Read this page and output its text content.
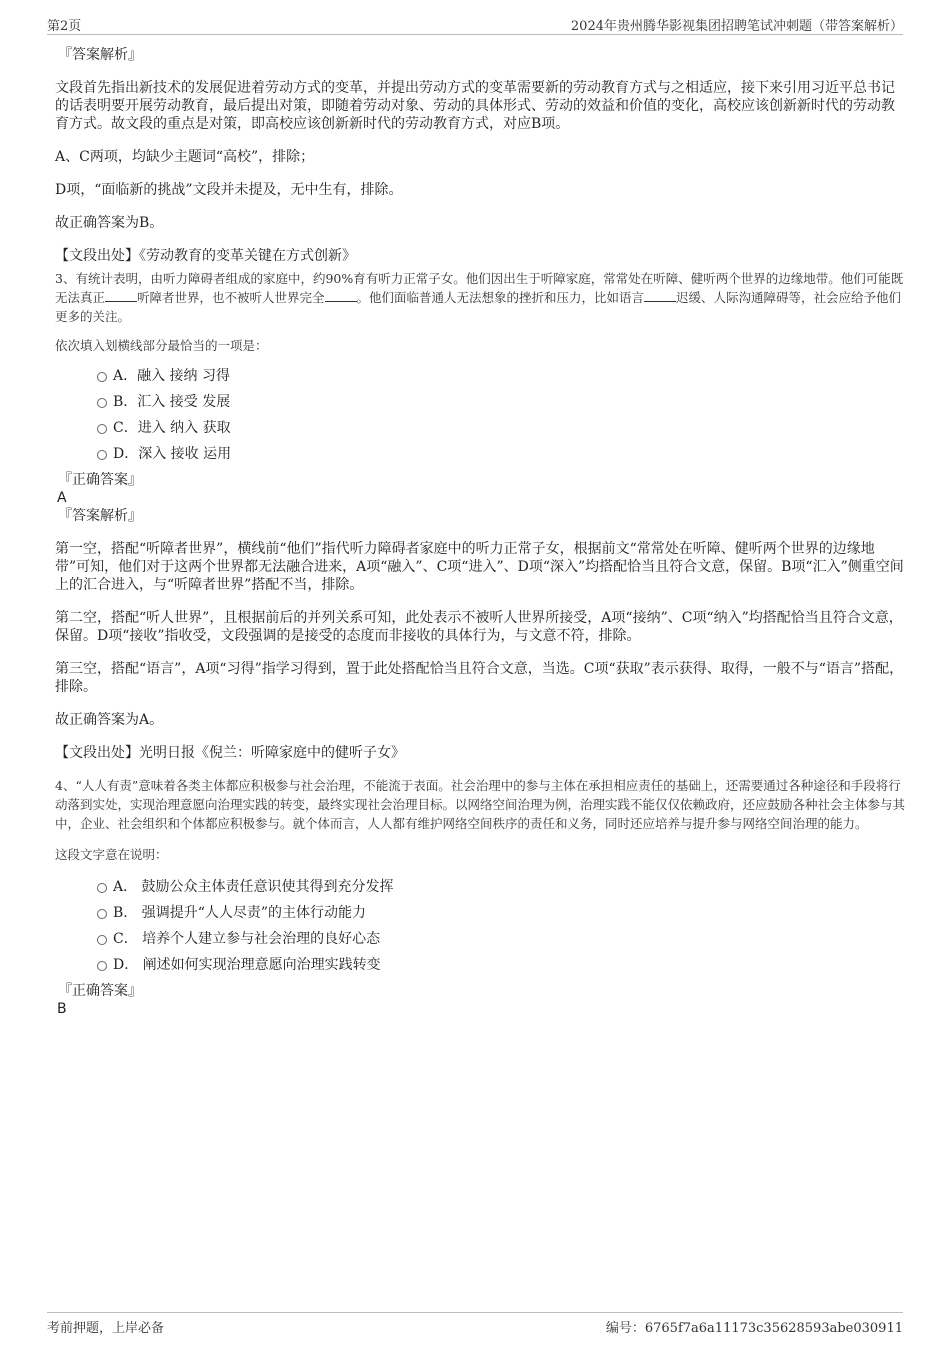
第2页	2024年贵州腾华影视集团招聘笔试冲刺题（带答案解析）
『答案解析』

文段首先指出新技术的发展促进着劳动方式的变革，并提出劳动方式的变革需要新的劳动教育方式与之相适应，接下来引用习近平总书记的话表明要开展劳动教育，最后提出对策，即随着劳动对象、劳动的具体形式、劳动的效益和价值的变化，高校应该创新新时代的劳动教育方式。故文段的重点是对策，即高校应该创新新时代的劳动教育方式，对应B项。

A、C两项，均缺少主题词“高校”，排除；

D项，“面临新的挑战”文段并未提及，无中生有，排除。

故正确答案为B。

【文段出处】《劳动教育的变革关键在方式创新》

3、有统计表明，由听力障碍者组成的家庭中，约90%育有听力正常子女。他们因出生于听障家庭，常常处在听障、健听两个世界的边缘地带。他们可能既无法真正	听障者世界，也不被听人世界完全	。他们面临普通人无法想象的挫折和压力，比如语言	迟缓、人际沟通障碍等，社会应给予他们更多的关注。

依次填入划横线部分最恰当的一项是：

A．融入 接纳 习得
B．汇入 接受 发展
C．进入 纳入 获取
D．深入 接收 运用
『正确答案』
A
『答案解析』

第一空，搭配“听障者世界”，横线前“他们”指代听力障碍者家庭中的听力正常子女，根据前文“常常处在听障、健听两个世界的边缘地带”可知，他们对于这两个世界都无法融合进来，A项“融入”、C项“进入”、D项“深入”均搭配恰当且符合文意，保留。B项“汇入”侧重空间上的汇合进入，与“听障者世界”搭配不当，排除。

第二空，搭配“听人世界”，且根据前后的并列关系可知，此处表示不被听人世界所接受，A项“接纳”、C项“纳入”均搭配恰当且符合文意，保留。D项“接收”指收受，文段强调的是接受的态度而非接收的具体行为，与文意不符，排除。

第三空，搭配“语言”，A项“习得”指学习得到，置于此处搭配恰当且符合文意，当选。C项“获取”表示获得、取得，一般不与“语言”搭配，排除。

故正确答案为A。

【文段出处】光明日报《倪兰：听障家庭中的健听子女》

4、“人人有责”意味着各类主体都应积极参与社会治理，不能流于表面。社会治理中的参与主体在承担相应责任的基础上，还需要通过各种途径和手段将行动落到实处，实现治理意愿向治理实践的转变，最终实现社会治理目标。以网络空间治理为例，治理实践不能仅仅依赖政府，还应鼓励各种社会主体参与其中，企业、社会组织和个体都应积极参与。就个体而言，人人都有维护网络空间秩序的责任和义务，同时还应培养与提升参与网络空间治理的能力。

这段文字意在说明：

A． 鼓励公众主体责任意识使其得到充分发挥
B． 强调提升“人人尽责”的主体行动能力
C． 培养个人建立参与社会治理的良好心态
D． 阐述如何实现治理意愿向治理实践转变
『正确答案』
B
考前押题，上岸必备	编号：6765f7a6a11173c35628593abe030911
